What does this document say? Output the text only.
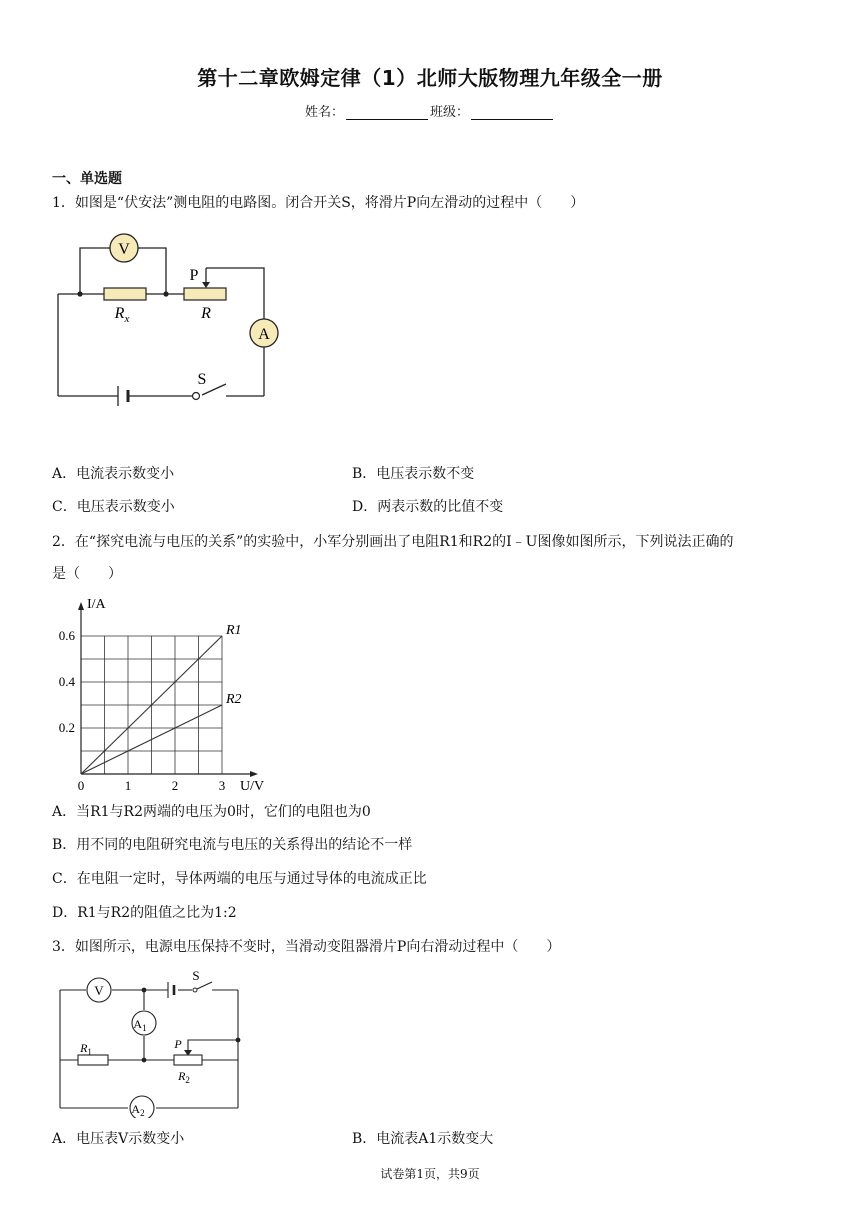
第十二章欧姆定律（1）北师大版物理九年级全一册
姓名：	班级：
一、单选题
1．如图是“伏安法”测电阻的电路图。闭合开关S，将滑片P向左滑动的过程中（　　）
V
P
$R_x$	R
A
S
A．电流表示数变小	B．电压表示数不变
C．电压表示数变小	D．两表示数的比值不变
2．在“探究电流与电压的关系”的实验中，小军分别画出了电阻R1和R2的I﹣U图像如图所示，下列说法正确的
是（　　）
R1
R2
0	1	2	3
0.2
0.4
0.6
I/A
U/V
A．当R1与R2两端的电压为0时，它们的电阻也为0
B．用不同的电阻研究电流与电压的关系得出的结论不一样
C．在电阻一定时，导体两端的电压与通过导体的电流成正比
D．R1与R2的阻值之比为1:2
3．如图所示，电源电压保持不变时，当滑动变阻器滑片P向右滑动过程中（　　）
V
S
$A_1$
$R_1$
P
$R_2$
$A_2$
A．电压表V示数变小	B．电流表A1示数变大
试卷第1页，共9页
